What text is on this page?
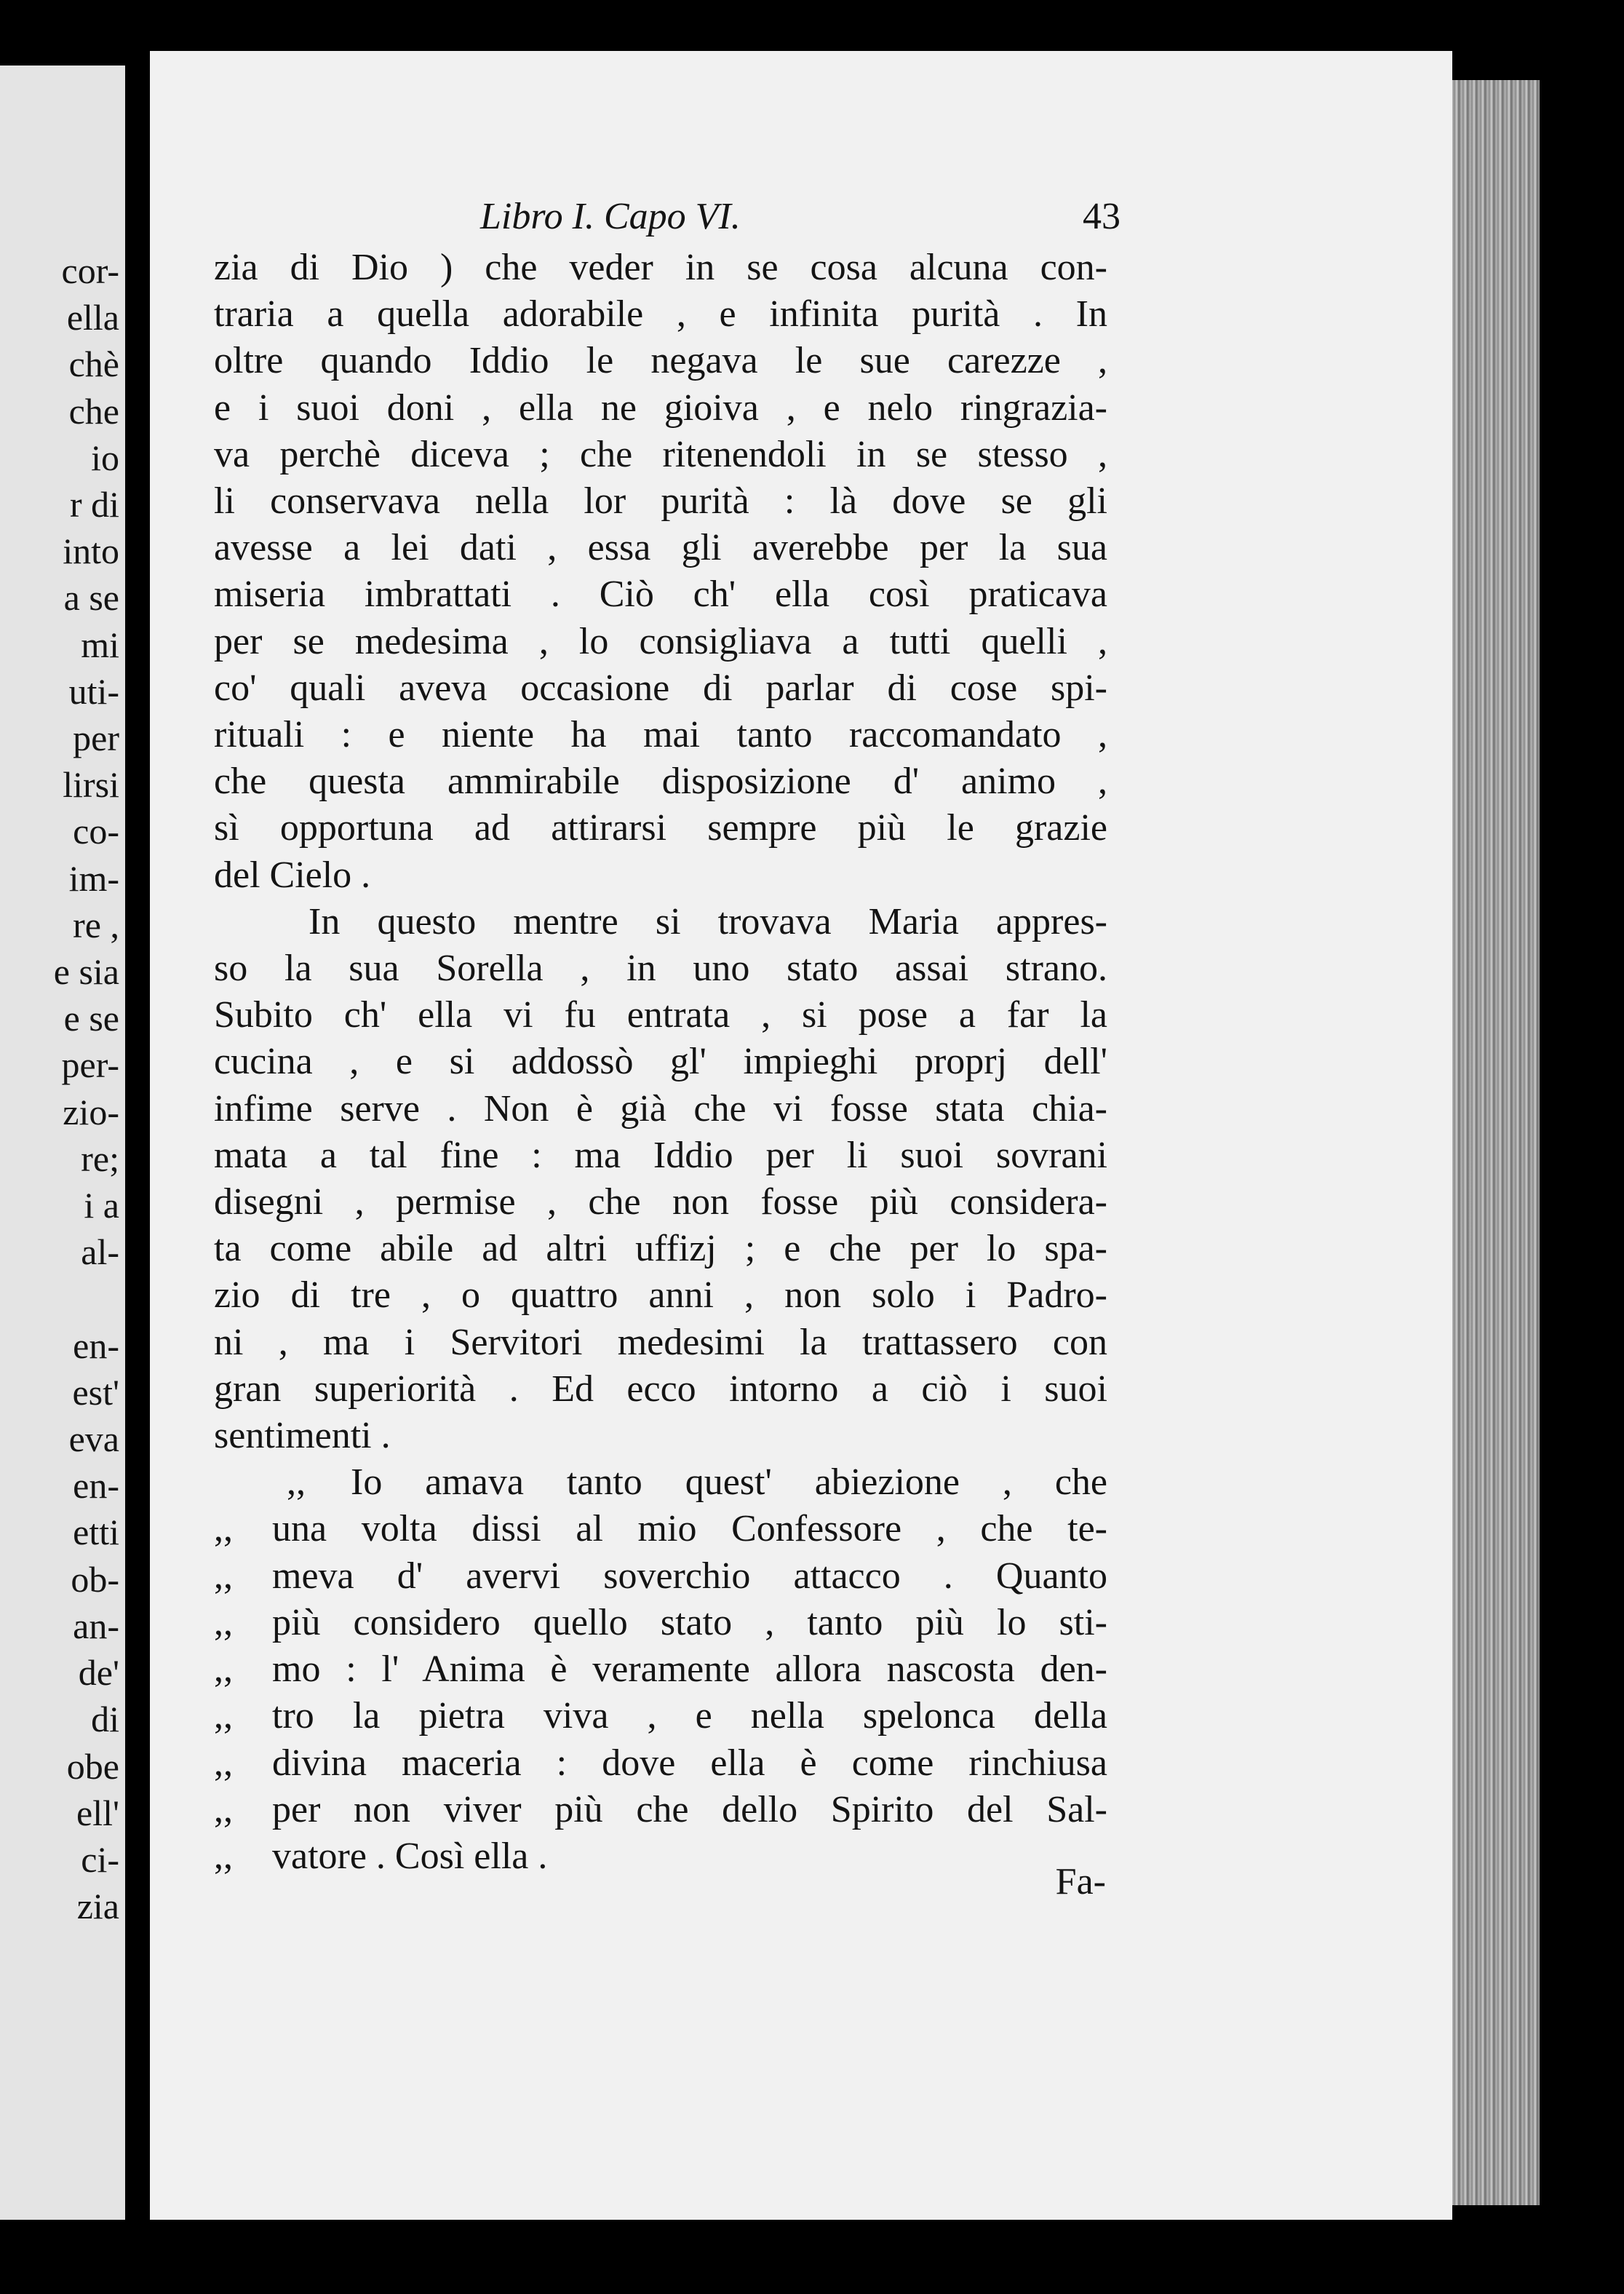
cor-
ella
chè
che
io
r di
into
a se
mi
uti-
per
lirsi
co-
im-
re ,
e sia
e se
per-
zio-
re;
i a
al-

en-
est'
eva
en-
etti
ob-
an-
de'
di
obe
ell'
ci-
zia
Libro I. Capo VI.	43
zia di Dio ) che veder in se cosa alcuna con-
traria a quella adorabile , e infinita purità . In
oltre quando Iddio le negava le sue carezze ,
e i suoi doni , ella ne gioiva , e nelo ringrazia-
va perchè diceva ; che ritenendoli in se stesso ,
li conservava nella lor purità : là dove se gli
avesse a lei dati , essa gli averebbe per la sua
miseria imbrattati . Ciò ch' ella così praticava
per se medesima , lo consigliava a tutti quelli ,
co' quali aveva occasione di parlar di cose spi-
rituali : e niente ha mai tanto raccomandato ,
che questa ammirabile disposizione d' animo ,
sì opportuna ad attirarsi sempre più le grazie
del Cielo .
In questo mentre si trovava Maria appres-
so la sua Sorella , in uno stato assai strano.
Subito ch' ella vi fu entrata , si pose a far la
cucina , e si addossò gl' impieghi proprj dell'
infime serve . Non è già che vi fosse stata chia-
mata a tal fine : ma Iddio per li suoi sovrani
disegni , permise , che non fosse più considera-
ta come abile ad altri uffizj ; e che per lo spa-
zio di tre , o quattro anni , non solo i Padro-
ni , ma i Servitori medesimi la trattassero con
gran superiorità . Ed ecco intorno a ciò i suoi
sentimenti .
,, Io amava tanto quest' abiezione , che
,, una volta dissi al mio Confessore , che te-
,, meva d' avervi soverchio attacco . Quanto
,, più considero quello stato , tanto più lo sti-
,, mo : l' Anima è veramente allora nascosta den-
,, tro la pietra viva , e nella spelonca della
,, divina maceria : dove ella è come rinchiusa
,, per non viver più che dello Spirito del Sal-
,, vatore . Così ella .
Fa-
